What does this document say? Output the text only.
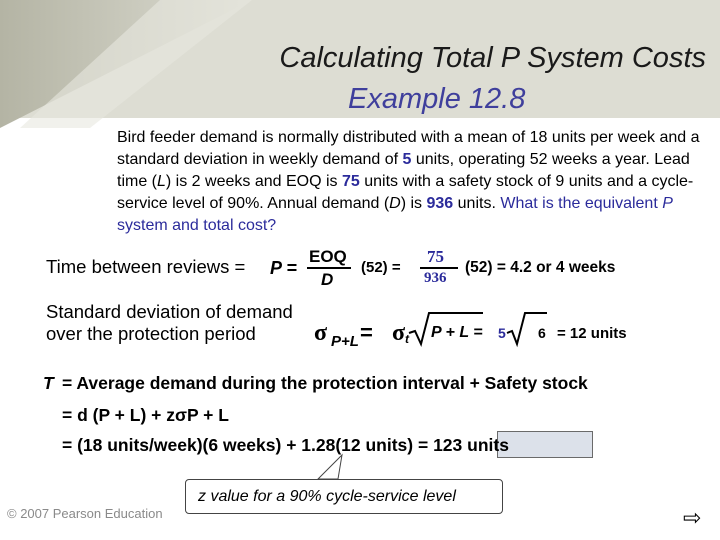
Calculating Total P System Costs
Example 12.8
Bird feeder demand is normally distributed with a mean of 18 units per week and a standard deviation in weekly demand of 5 units, operating 52 weeks a year. Lead time (L) is 2 weeks and EOQ is 75 units with a safety stock of 9 units and a cycle-service level of 90%. Annual demand (D) is 936 units. What is the equivalent P system and total cost?
Time between reviews = P =
EOQ
D
(52) =
75
936
(52) = 4.2 or 4 weeks
Standard deviation of demand
over the protection period σ P+L = σ t P + L = 5 6 = 12 units
T = Average demand during the protection interval + Safety stock
= d (P + L) + zσP + L
= (18 units/week)(6 weeks) + 1.28(12 units) = 123 units
z value for a 90% cycle-service level
© 2007 Pearson Education	⇨
